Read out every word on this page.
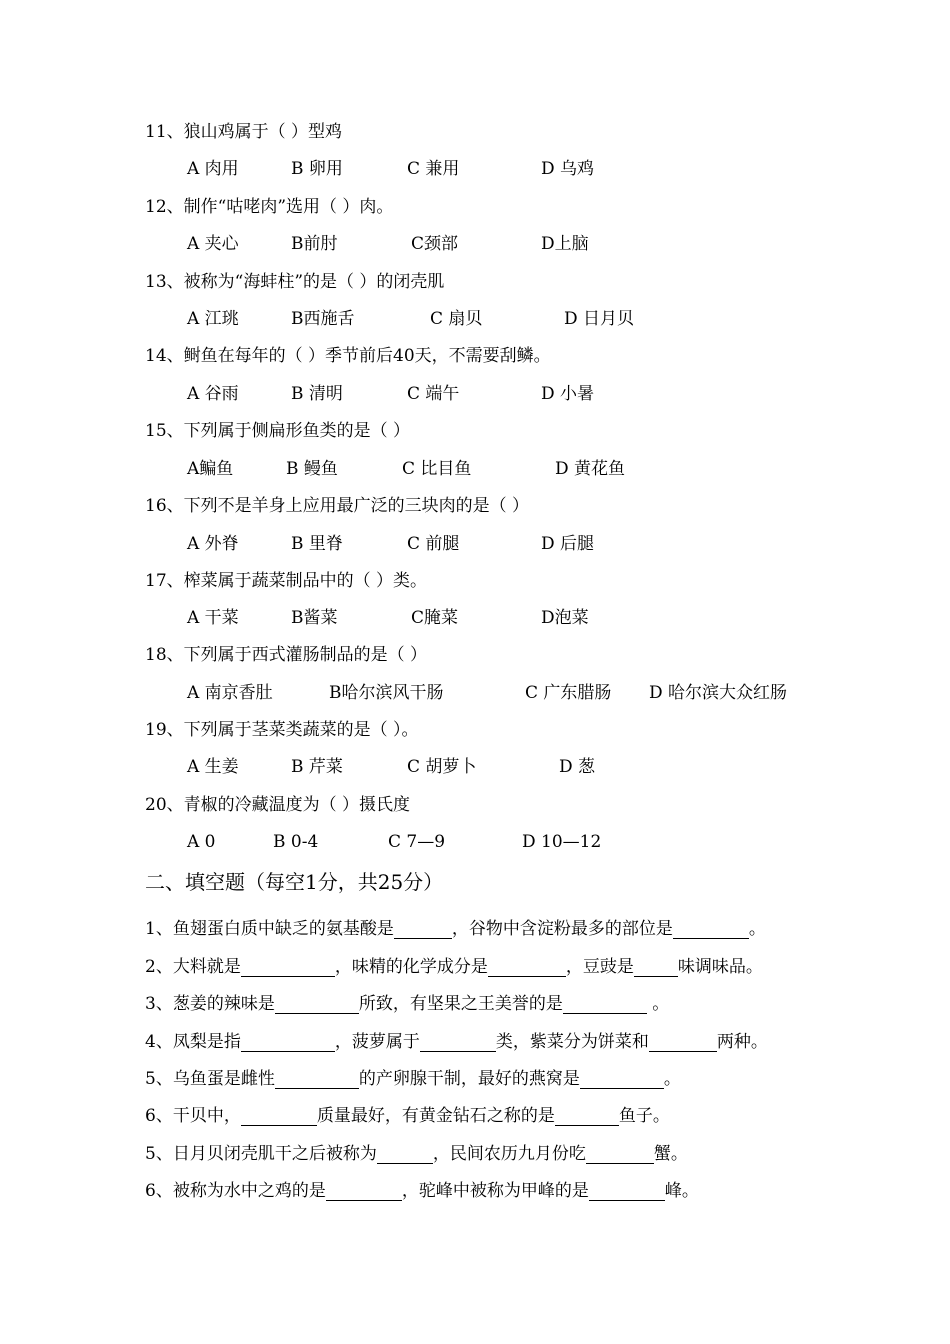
11、狼山鸡属于（ ）型鸡
A 肉用	B 卵用	C 兼用	D 乌鸡
12、制作“咕咾肉”选用（ ）肉。
A 夹心	B前肘	C颈部	D上脑
13、被称为“海蚌柱”的是（ ）的闭壳肌
A 江珧	B西施舌	C 扇贝	D 日月贝
14、鲥鱼在每年的（ ）季节前后40天，不需要刮鳞。
A 谷雨	B 清明	C 端午	D 小暑
15、下列属于侧扁形鱼类的是（ ）
A鳊鱼	B 鳗鱼	C 比目鱼	D 黄花鱼
16、下列不是羊身上应用最广泛的三块肉的是（ ）
A 外脊	B 里脊	C 前腿	D 后腿
17、榨菜属于蔬菜制品中的（ ）类。
A 干菜	B酱菜	C腌菜	D泡菜
18、下列属于西式灌肠制品的是（ ）
A 南京香肚	B哈尔滨风干肠	C 广东腊肠 D 哈尔滨大众红肠
19、下列属于茎菜类蔬菜的是（ ）。
A 生姜	B 芹菜	C 胡萝卜	D 葱
20、青椒的冷藏温度为（ ）摄氏度
A 0	B 0-4	C 7—9	D 10—12
二、填空题（每空1分，共25分）
1、鱼翅蛋白质中缺乏的氨基酸是	，谷物中含淀粉最多的部位是	。
2、大料就是	，味精的化学成分是	，豆豉是	味调味品。
3、葱姜的辣味是	所致，有坚果之王美誉的是	。
4、凤梨是指	，菠萝属于	类，紫菜分为饼菜和	两种。
5、乌鱼蛋是雌性	的产卵腺干制，最好的燕窝是	。
6、干贝中，	质量最好，有黄金钻石之称的是	鱼子。
5、日月贝闭壳肌干之后被称为	，民间农历九月份吃	蟹。
6、被称为水中之鸡的是	，驼峰中被称为甲峰的是	峰。
